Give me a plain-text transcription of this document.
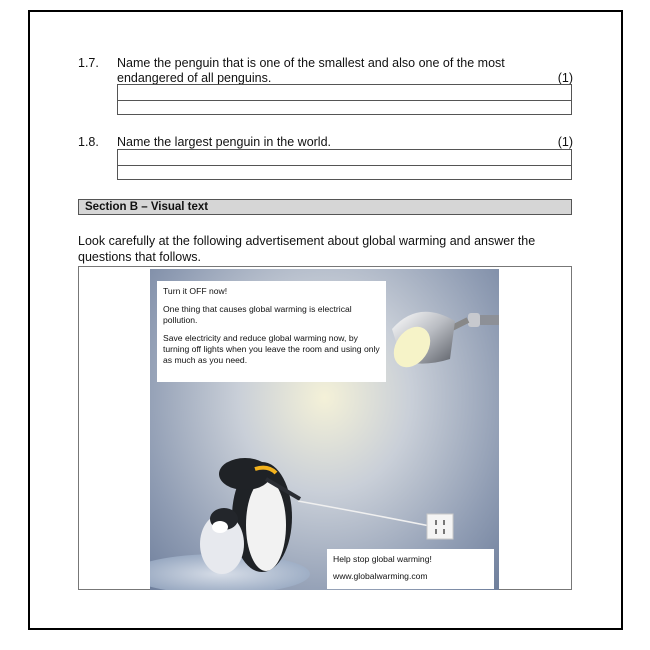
1.7. Name the penguin that is one of the smallest and also one of the most endangered of all penguins.	(1)
1.8. Name the largest penguin in the world.	(1)
Section B – Visual text
Look carefully at the following advertisement about global warming and answer the questions that follows.

Turn it OFF now!

One thing that causes global warming is electrical pollution.

Save electricity and reduce global warming now, by turning off lights when you leave the room and using only as much as you need.

Help stop global warming!
www.globalwarming.com
